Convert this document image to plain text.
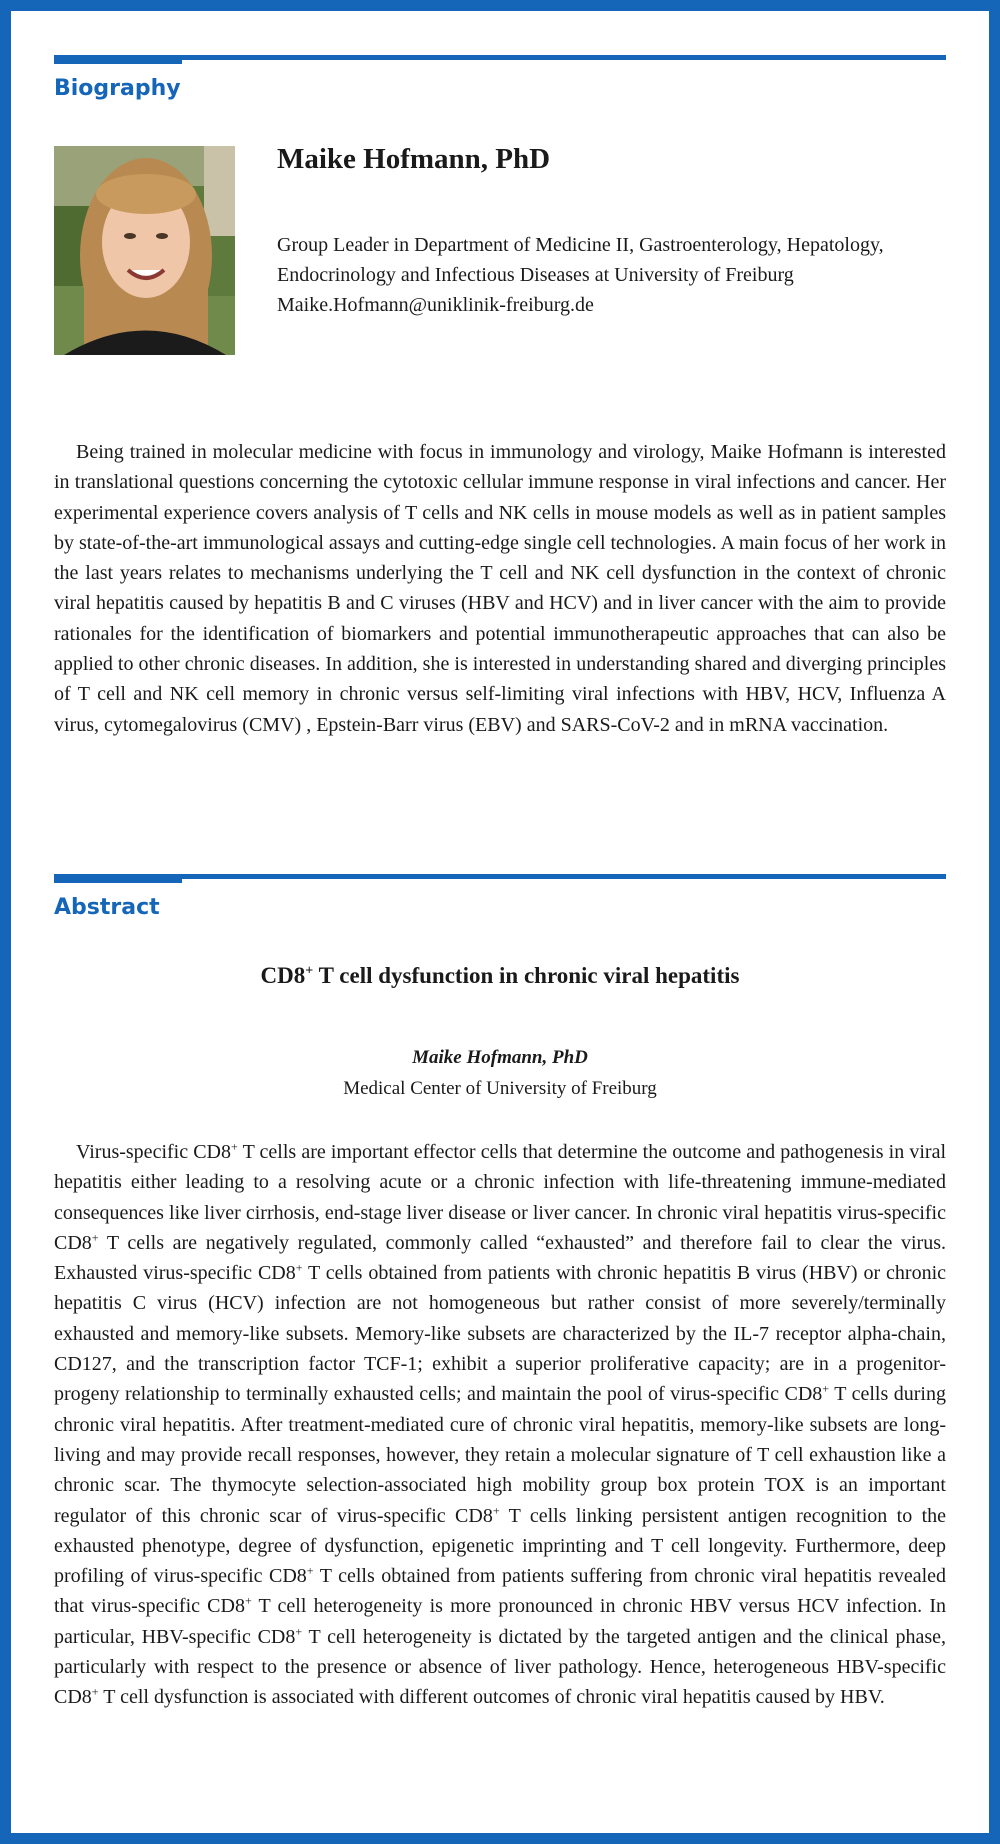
Biography
Maike Hofmann, PhD
Group Leader in Department of Medicine II, Gastroenterology, Hepatology,
Endocrinology and Infectious Diseases at University of Freiburg
Maike.Hofmann@uniklinik-freiburg.de

Being trained in molecular medicine with focus in immunology and virology, Maike Hofmann is interested in translational questions concerning the cytotoxic cellular immune response in viral infections and cancer. Her experimental experience covers analysis of T cells and NK cells in mouse models as well as in patient samples by state-of-the-art immunological assays and cutting-edge single cell technologies. A main focus of her work in the last years relates to mechanisms underlying the T cell and NK cell dysfunction in the context of chronic viral hepatitis caused by hepatitis B and C viruses (HBV and HCV) and in liver cancer with the aim to provide rationales for the identification of biomarkers and potential immunotherapeutic approaches that can also be applied to other chronic diseases. In addition, she is interested in understanding shared and diverging principles of T cell and NK cell memory in chronic versus self-limiting viral infections with HBV, HCV, Influenza A virus, cytomegalovirus (CMV) , Epstein-Barr virus (EBV) and SARS-CoV-2 and in mRNA vaccination.

Abstract
CD8+ T cell dysfunction in chronic viral hepatitis
Maike Hofmann, PhD
Medical Center of University of Freiburg

Virus-specific CD8+ T cells are important effector cells that determine the outcome and pathogenesis in viral hepatitis either leading to a resolving acute or a chronic infection with life-threatening immune-mediated consequences like liver cirrhosis, end-stage liver disease or liver cancer. In chronic viral hepatitis virus-specific CD8+ T cells are negatively regulated, commonly called “exhausted” and therefore fail to clear the virus. Exhausted virus-specific CD8+ T cells obtained from patients with chronic hepatitis B virus (HBV) or chronic hepatitis C virus (HCV) infection are not homogeneous but rather consist of more severely/terminally exhausted and memory-like subsets. Memory-like subsets are characterized by the IL-7 receptor alpha-chain, CD127, and the transcription factor TCF-1; exhibit a superior proliferative capacity; are in a progenitor-progeny relationship to terminally exhausted cells; and maintain the pool of virus-specific CD8+ T cells during chronic viral hepatitis. After treatment-mediated cure of chronic viral hepatitis, memory-like subsets are long-living and may provide recall responses, however, they retain a molecular signature of T cell exhaustion like a chronic scar. The thymocyte selection-associated high mobility group box protein TOX is an important regulator of this chronic scar of virus-specific CD8+ T cells linking persistent antigen recognition to the exhausted phenotype, degree of dysfunction, epigenetic imprinting and T cell longevity. Furthermore, deep profiling of virus-specific CD8+ T cells obtained from patients suffering from chronic viral hepatitis revealed that virus-specific CD8+ T cell heterogeneity is more pronounced in chronic HBV versus HCV infection. In particular, HBV-specific CD8+ T cell heterogeneity is dictated by the targeted antigen and the clinical phase, particularly with respect to the presence or absence of liver pathology. Hence, heterogeneous HBV-specific CD8+ T cell dysfunction is associated with different outcomes of chronic viral hepatitis caused by HBV.
